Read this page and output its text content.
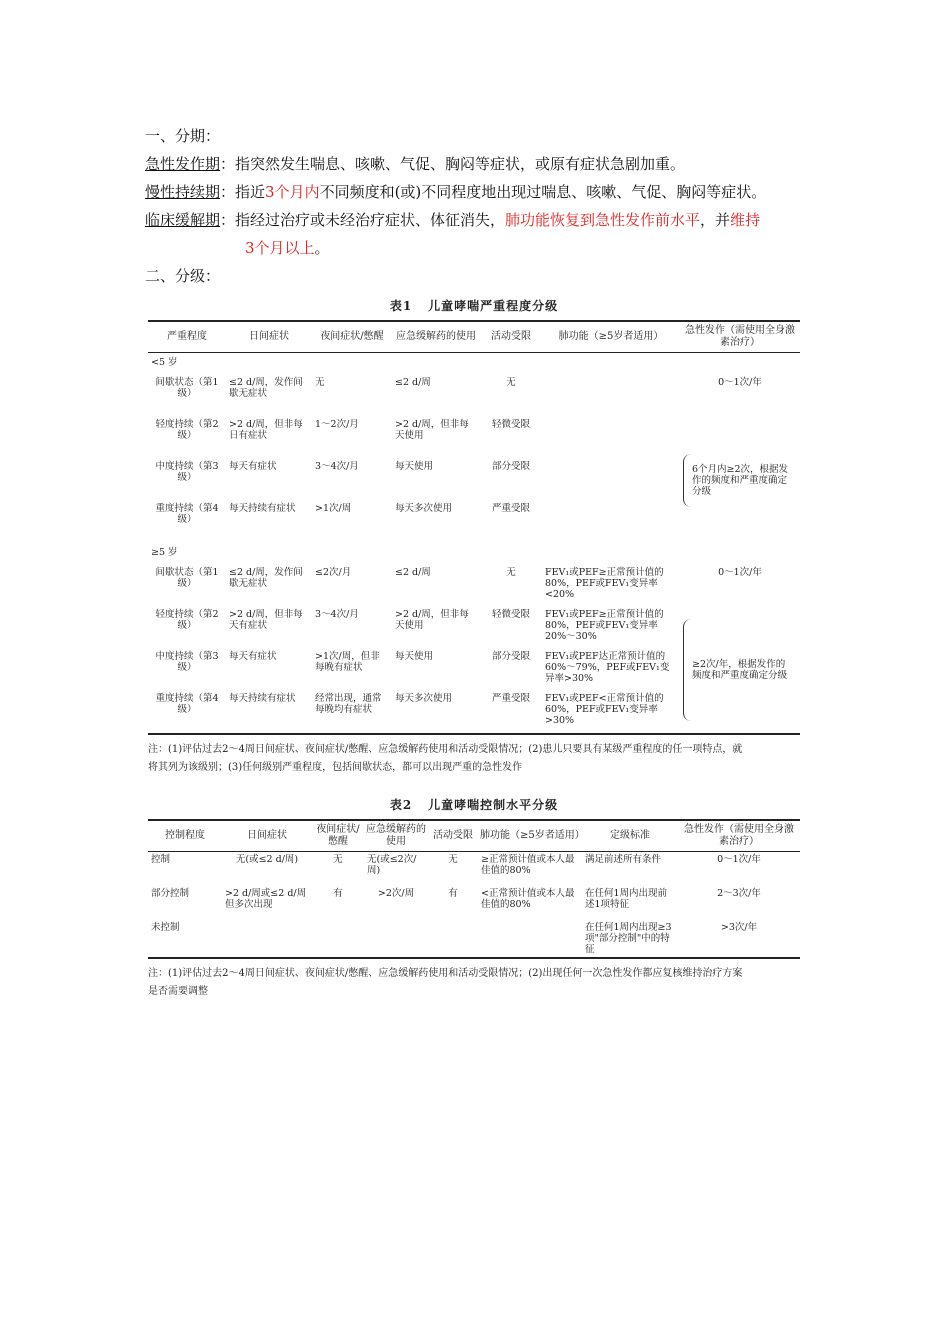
一、分期：

急性发作期：指突然发生喘息、咳嗽、气促、胸闷等症状，或原有症状急剧加重。

慢性持续期：指近3个月内不同频度和(或)不同程度地出现过喘息、咳嗽、气促、胸闷等症状。

临床缓解期：指经过治疗或未经治疗症状、体征消失，肺功能恢复到急性发作前水平，并维持

3个月以上。

二、分级：

表1 儿童哮喘严重程度分级
严重程度	日间症状	夜间症状/憋醒	应急缓解药的使用	活动受限	肺功能（≥5岁者适用）	急性发作（需使用全身激素治疗）
<5 岁						
间歇状态（第1级）	≤2 d/周，发作间歇无症状	无	≤2 d/周	无		0～1次/年
轻度持续（第2级）	>2 d/周，但非每日有症状	1～2次/月	>2 d/周，但非每天使用	轻微受限		6个月内≥2次，根据发作的频度和严重度确定分级

中度持续（第3级）	每天有症状	3～4次/月	每天使用	部分受限		
重度持续（第4级）	每天持续有症状	>1次/周	每天多次使用	严重受限		
≥5 岁						
间歇状态（第1级）	≤2 d/周，发作间歇无症状	≤2次/月	≤2 d/周	无	FEV₁或PEF≥正常预计值的80%，PEF或FEV₁变异率<20%	0～1次/年
轻度持续（第2级）	>2 d/周，但非每天有症状	3～4次/月	>2 d/周，但非每天使用	轻微受限	FEV₁或PEF≥正常预计值的80%，PEF或FEV₁变异率20%～30%	≥2次/年，根据发作的频度和严重度确定分级

中度持续（第3级）	每天有症状	>1次/周，但非每晚有症状	每天使用	部分受限	FEV₁或PEF达正常预计值的60%～79%，PEF或FEV₁变异率>30%	
重度持续（第4级）	每天持续有症状	经常出现，通常每晚均有症状	每天多次使用	严重受限	FEV₁或PEF<正常预计值的60%，PEF或FEV₁变异率>30%	
注：(1)评估过去2～4周日间症状、夜间症状/憋醒、应急缓解药使用和活动受限情况；(2)患儿只要具有某级严重程度的任一项特点，就
将其列为该级别；(3)任何级别严重程度，包括间歇状态，都可以出现严重的急性发作
表2 儿童哮喘控制水平分级
控制程度	日间症状	夜间症状/憋醒	应急缓解药的使用	活动受限	肺功能（≥5岁者适用）	定级标准	急性发作（需使用全身激素治疗）
控制	无(或≤2 d/周)	无	无(或≤2次/周)	无	≥正常预计值或本人最佳值的80%	满足前述所有条件	0～1次/年
部分控制	>2 d/周或≤2 d/周但多次出现	有	>2次/周	有	<正常预计值或本人最佳值的80%	在任何1周内出现前述1项特征	2～3次/年
未控制						在任何1周内出现≥3项"部分控制"中的特征	>3次/年
注：(1)评估过去2～4周日间症状、夜间症状/憋醒、应急缓解药使用和活动受限情况；(2)出现任何一次急性发作都应复核维持治疗方案
是否需要调整
